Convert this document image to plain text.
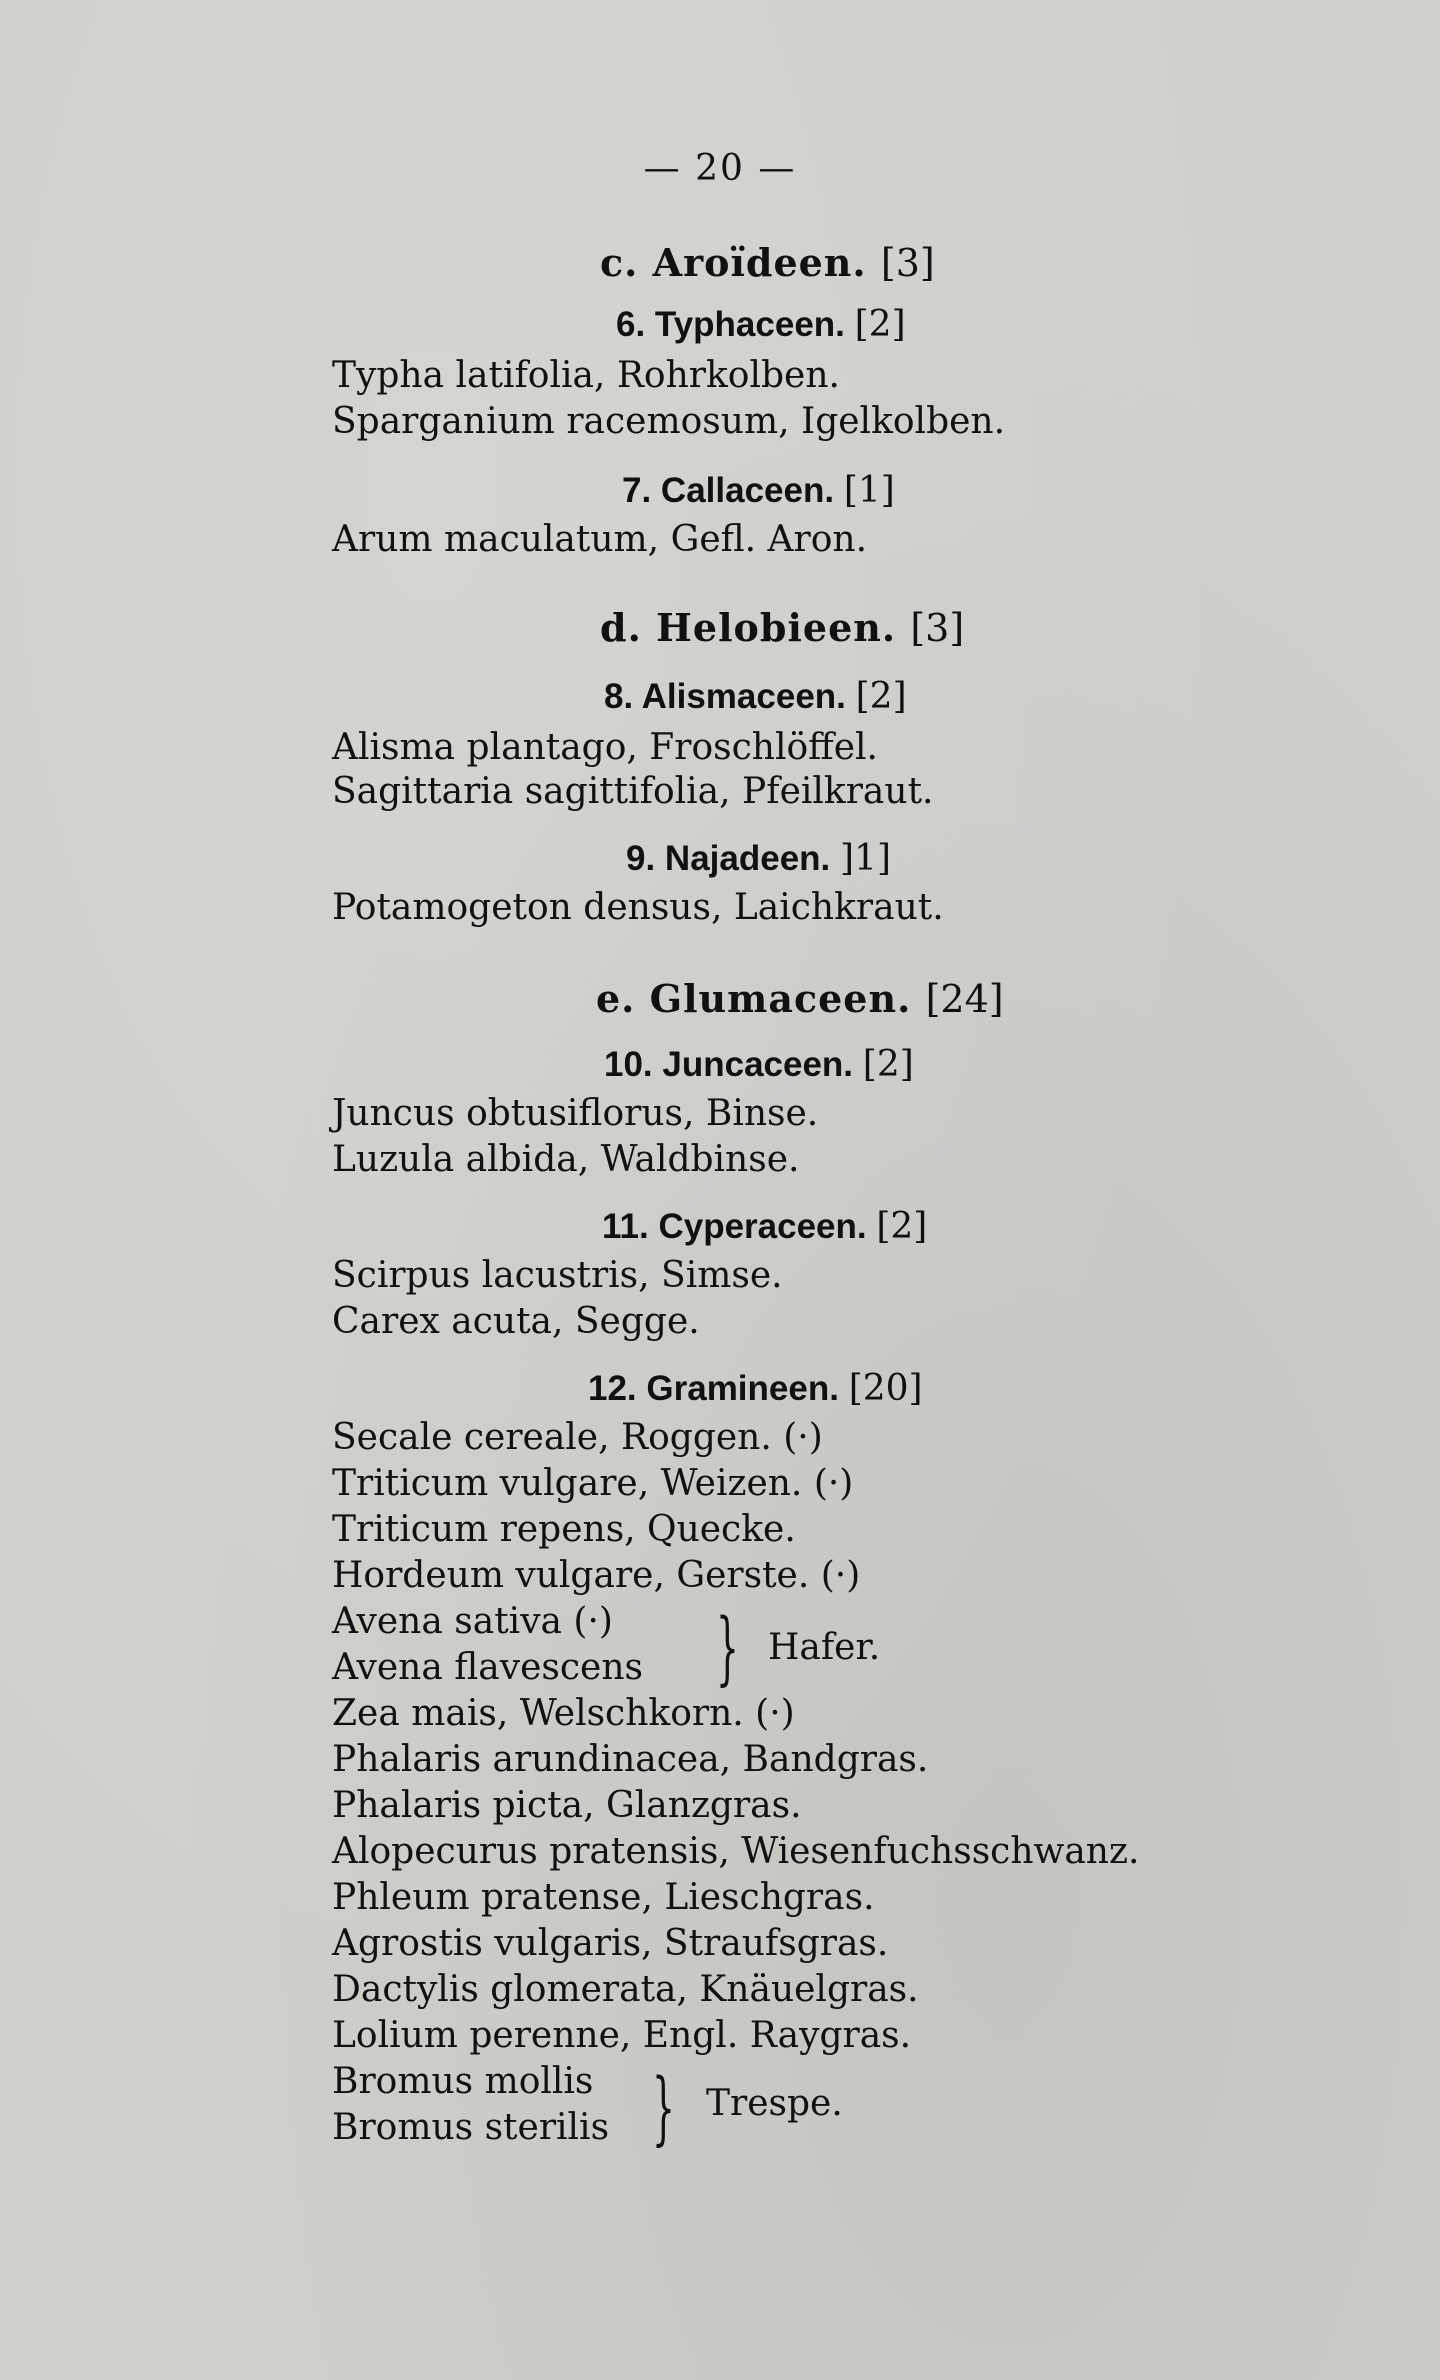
— 20 —
c. Aroïdeen. [3]
6. Typhaceen. [2]
Typha latifolia, Rohrkolben.
Sparganium racemosum, Igelkolben.
7. Callaceen. [1]
Arum maculatum, Gefl. Aron.
d. Helobieen. [3]
8. Alismaceen. [2]
Alisma plantago, Froschlöffel.
Sagittaria sagittifolia, Pfeilkraut.
9. Najadeen. ]1]
Potamogeton densus, Laichkraut.
e. Glumaceen. [24]
10. Juncaceen. [2]
Juncus obtusiflorus, Binse.
Luzula albida, Waldbinse.
11. Cyperaceen. [2]
Scirpus lacustris, Simse.
Carex acuta, Segge.
12. Gramineen. [20]
Secale cereale, Roggen. (·)
Triticum vulgare, Weizen. (·)
Triticum repens, Quecke.
Hordeum vulgare, Gerste. (·)
Avena sativa (·)
Avena flavescens } Hafer.
Zea mais, Welschkorn. (·)
Phalaris arundinacea, Bandgras.
Phalaris picta, Glanzgras.
Alopecurus pratensis, Wiesenfuchsschwanz.
Phleum pratense, Lieschgras.
Agrostis vulgaris, Straufsgras.
Dactylis glomerata, Knäuelgras.
Lolium perenne, Engl. Raygras.
Bromus mollis
Bromus sterilis } Trespe.
